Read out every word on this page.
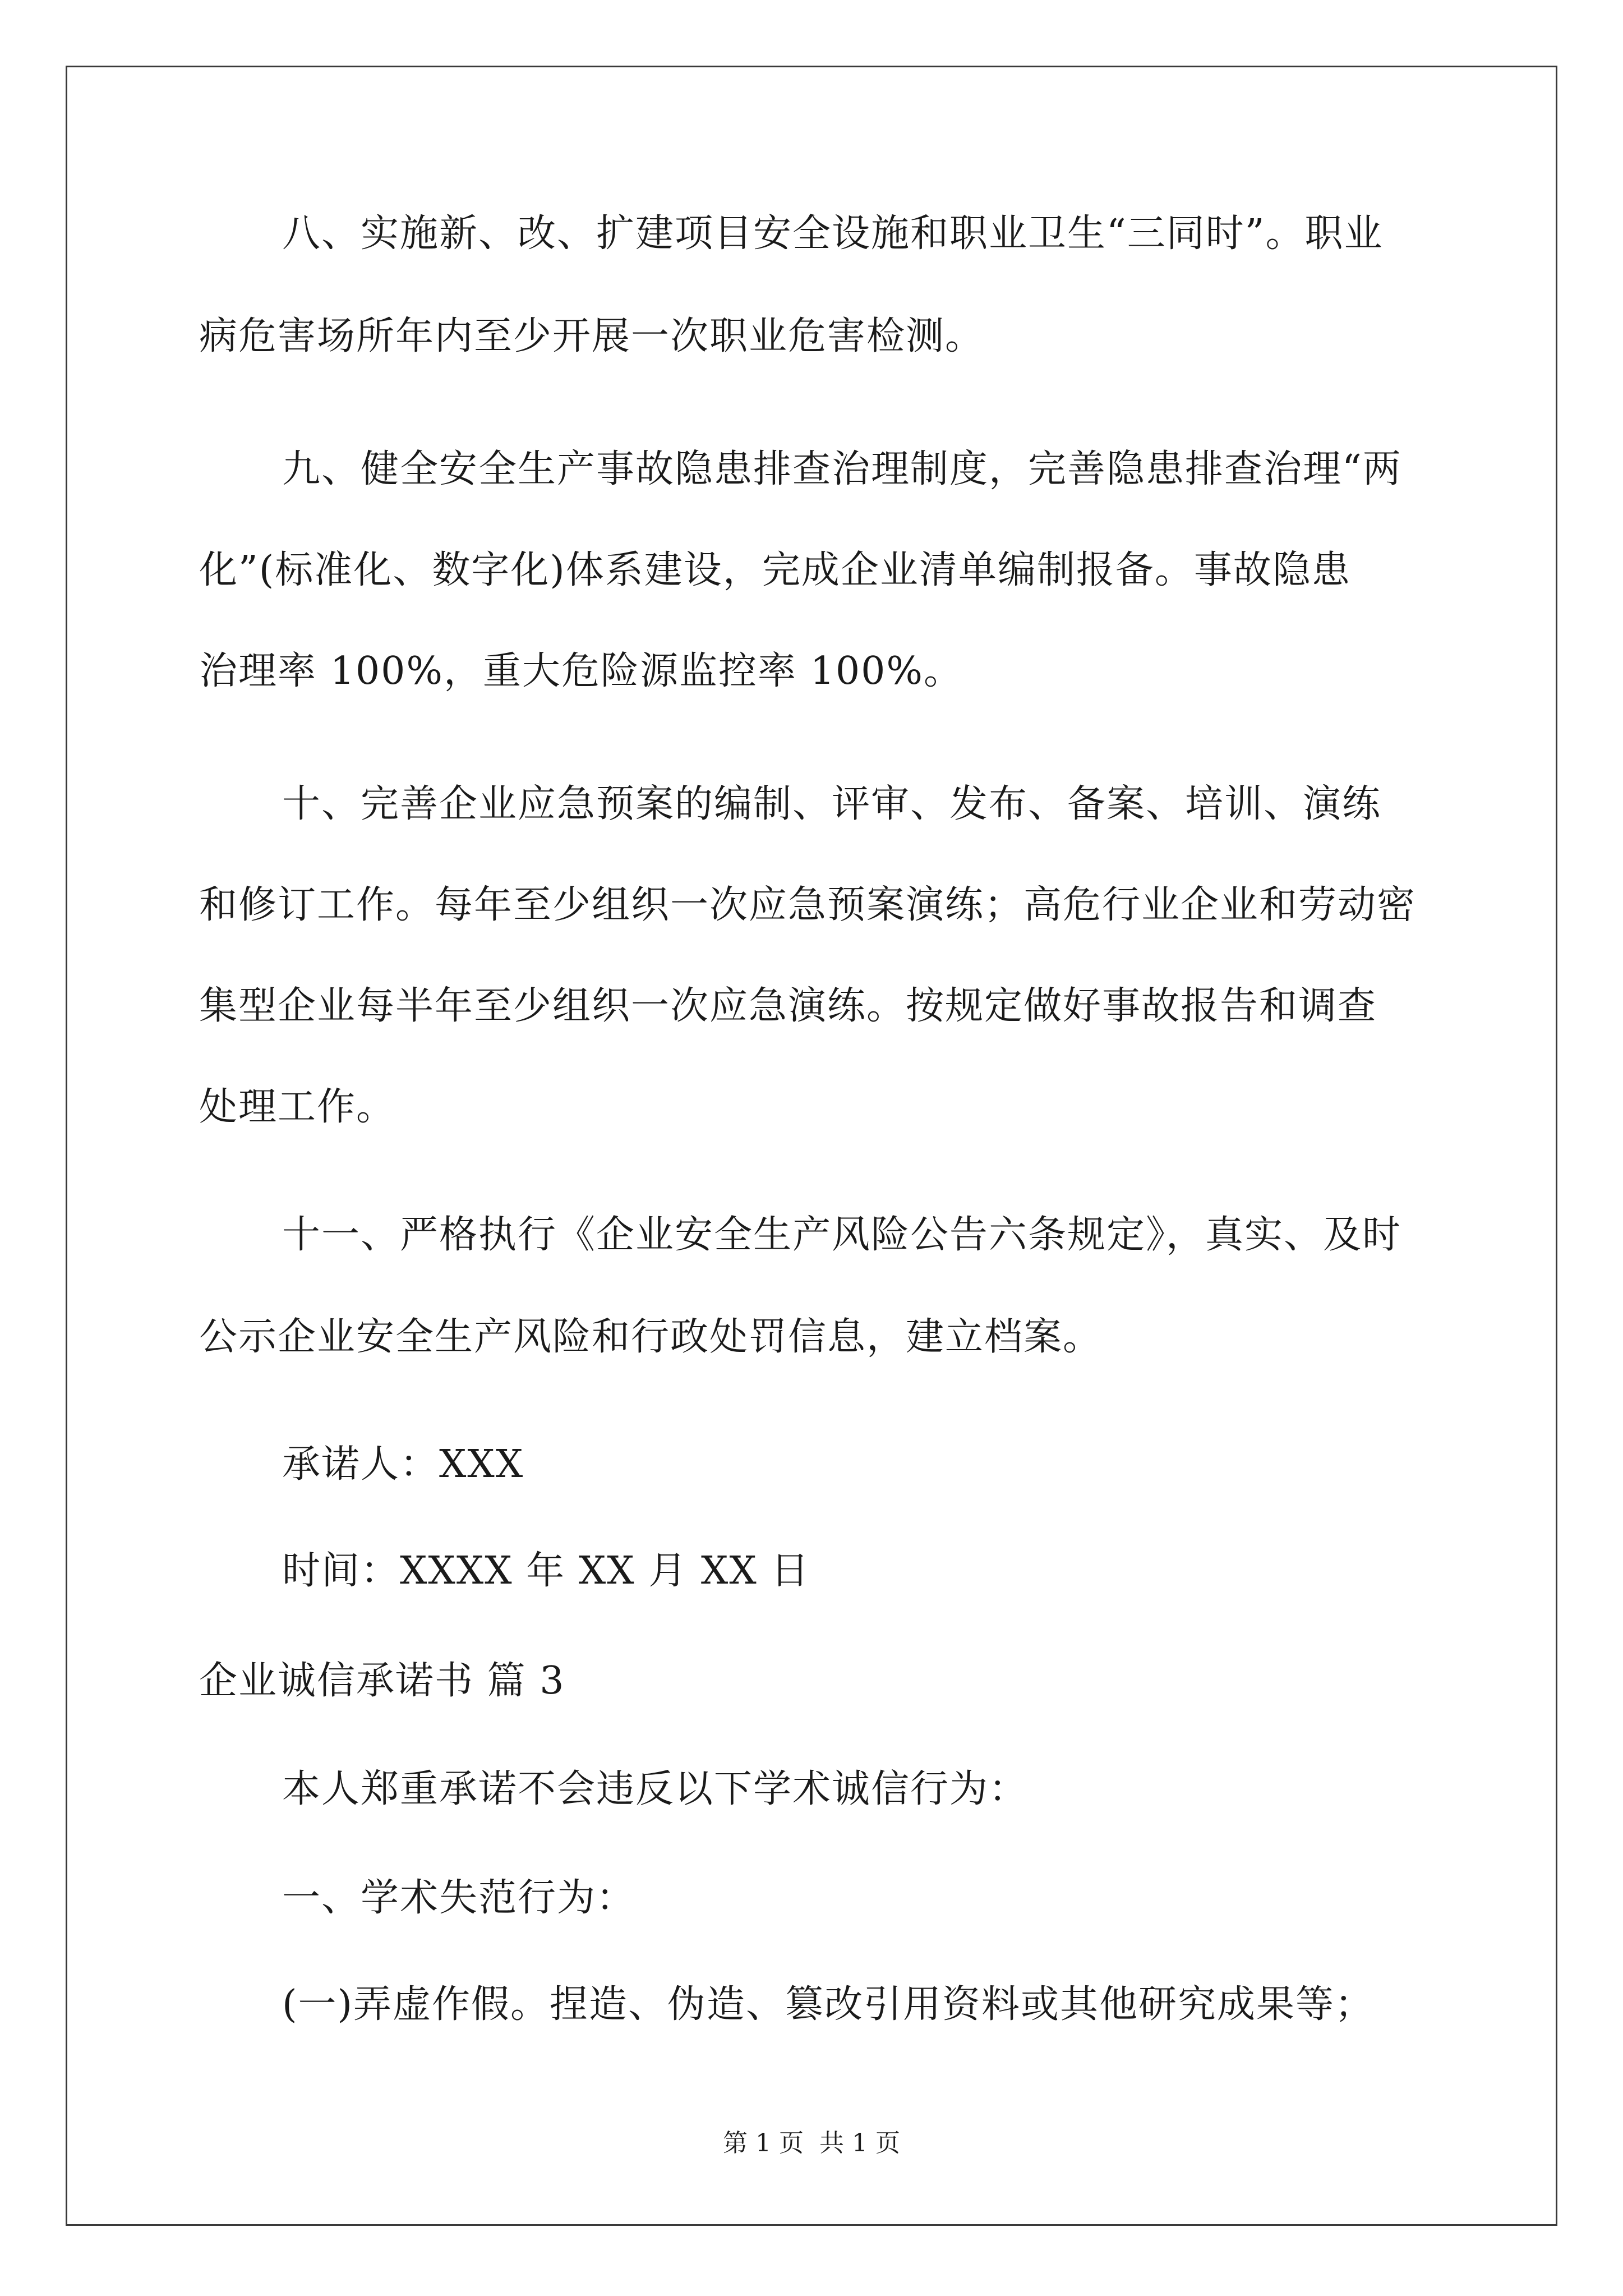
八、实施新、改、扩建项目安全设施和职业卫生“三同时”。职业

病危害场所年内至少开展一次职业危害检测。

九、健全安全生产事故隐患排查治理制度，完善隐患排查治理“两

化”(标准化、数字化)体系建设，完成企业清单编制报备。事故隐患

治理率 100%，重大危险源监控率 100%。

十、完善企业应急预案的编制、评审、发布、备案、培训、演练

和修订工作。每年至少组织一次应急预案演练；高危行业企业和劳动密

集型企业每半年至少组织一次应急演练。按规定做好事故报告和调查

处理工作。

十一、严格执行《企业安全生产风险公告六条规定》，真实、及时

公示企业安全生产风险和行政处罚信息，建立档案。

承诺人：XXX

时间：XXXX 年 XX 月 XX 日

企业诚信承诺书 篇 3

本人郑重承诺不会违反以下学术诚信行为：

一、学术失范行为：

(一)弄虚作假。捏造、伪造、篡改引用资料或其他研究成果等；

第 1 页 共 1 页
